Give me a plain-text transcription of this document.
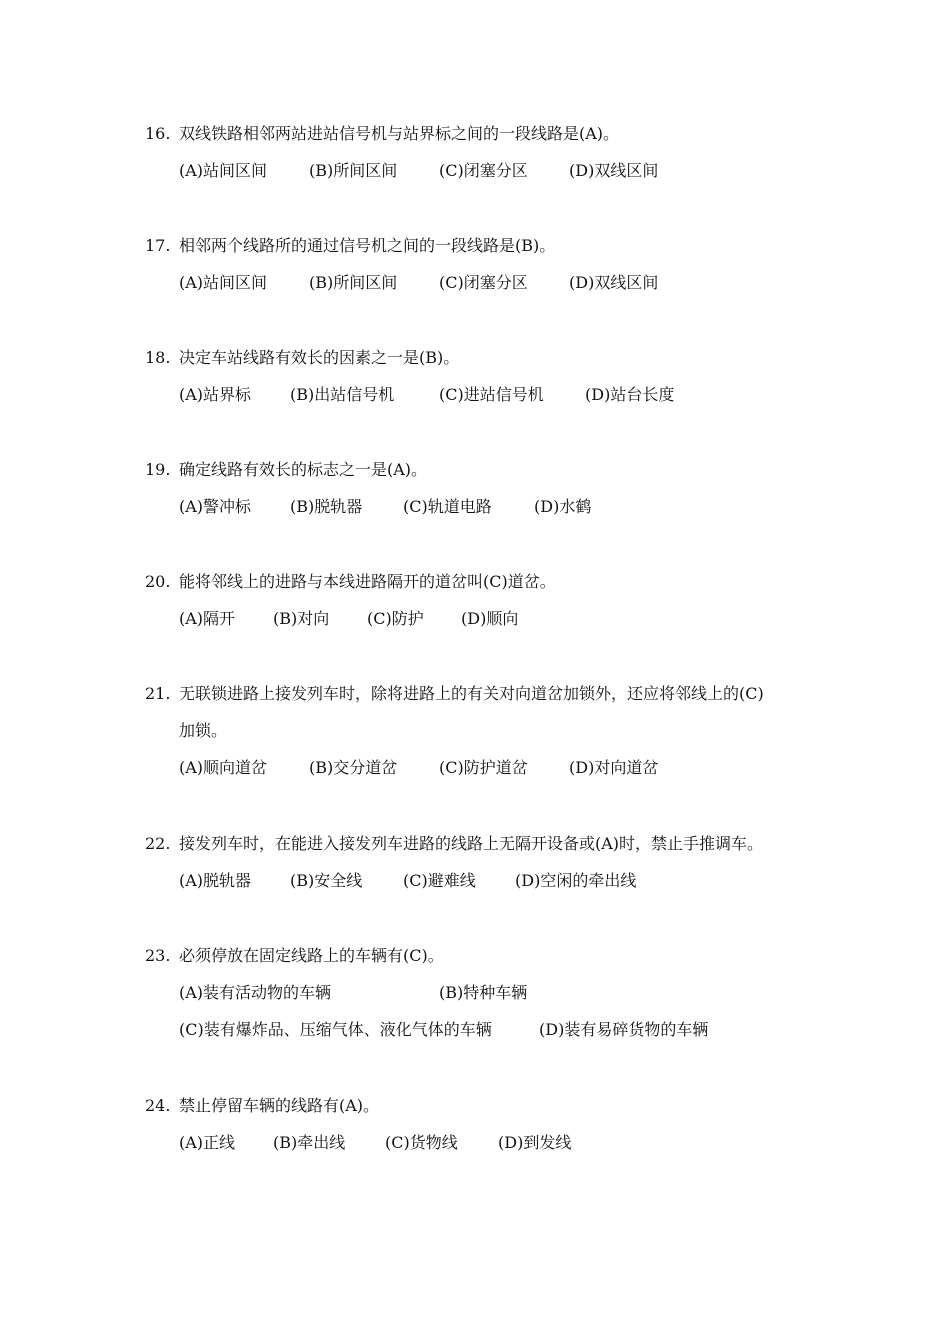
16. 双线铁路相邻两站进站信号机与站界标之间的一段线路是(A)。
(A)站间区间	(B)所间区间	(C)闭塞分区	(D)双线区间
17. 相邻两个线路所的通过信号机之间的一段线路是(B)。
(A)站间区间	(B)所间区间	(C)闭塞分区	(D)双线区间
18. 决定车站线路有效长的因素之一是(B)。
(A)站界标 (B)出站信号机	(C)进站信号机	(D)站台长度
19. 确定线路有效长的标志之一是(A)。
(A)警冲标 (B)脱轨器	(C)轨道电路	(D)水鹤
20. 能将邻线上的进路与本线进路隔开的道岔叫(C)道岔。
(A)隔开 (B)对向 (C)防护 (D)顺向
21. 无联锁进路上接发列车时，除将进路上的有关对向道岔加锁外，还应将邻线上的(C)
加锁。
(A)顺向道岔	(B)交分道岔	(C)防护道岔	(D)对向道岔
22. 接发列车时，在能进入接发列车进路的线路上无隔开设备或(A)时，禁止手推调车。
(A)脱轨器 (B)安全线	(C)避难线 (D)空闲的牵出线
23. 必须停放在固定线路上的车辆有(C)。
(A)装有活动物的车辆	(B)特种车辆
(C)装有爆炸品、压缩气体、液化气体的车辆	(D)装有易碎货物的车辆
24. 禁止停留车辆的线路有(A)。
(A)正线 (B)牵出线 (C)货物线	(D)到发线
